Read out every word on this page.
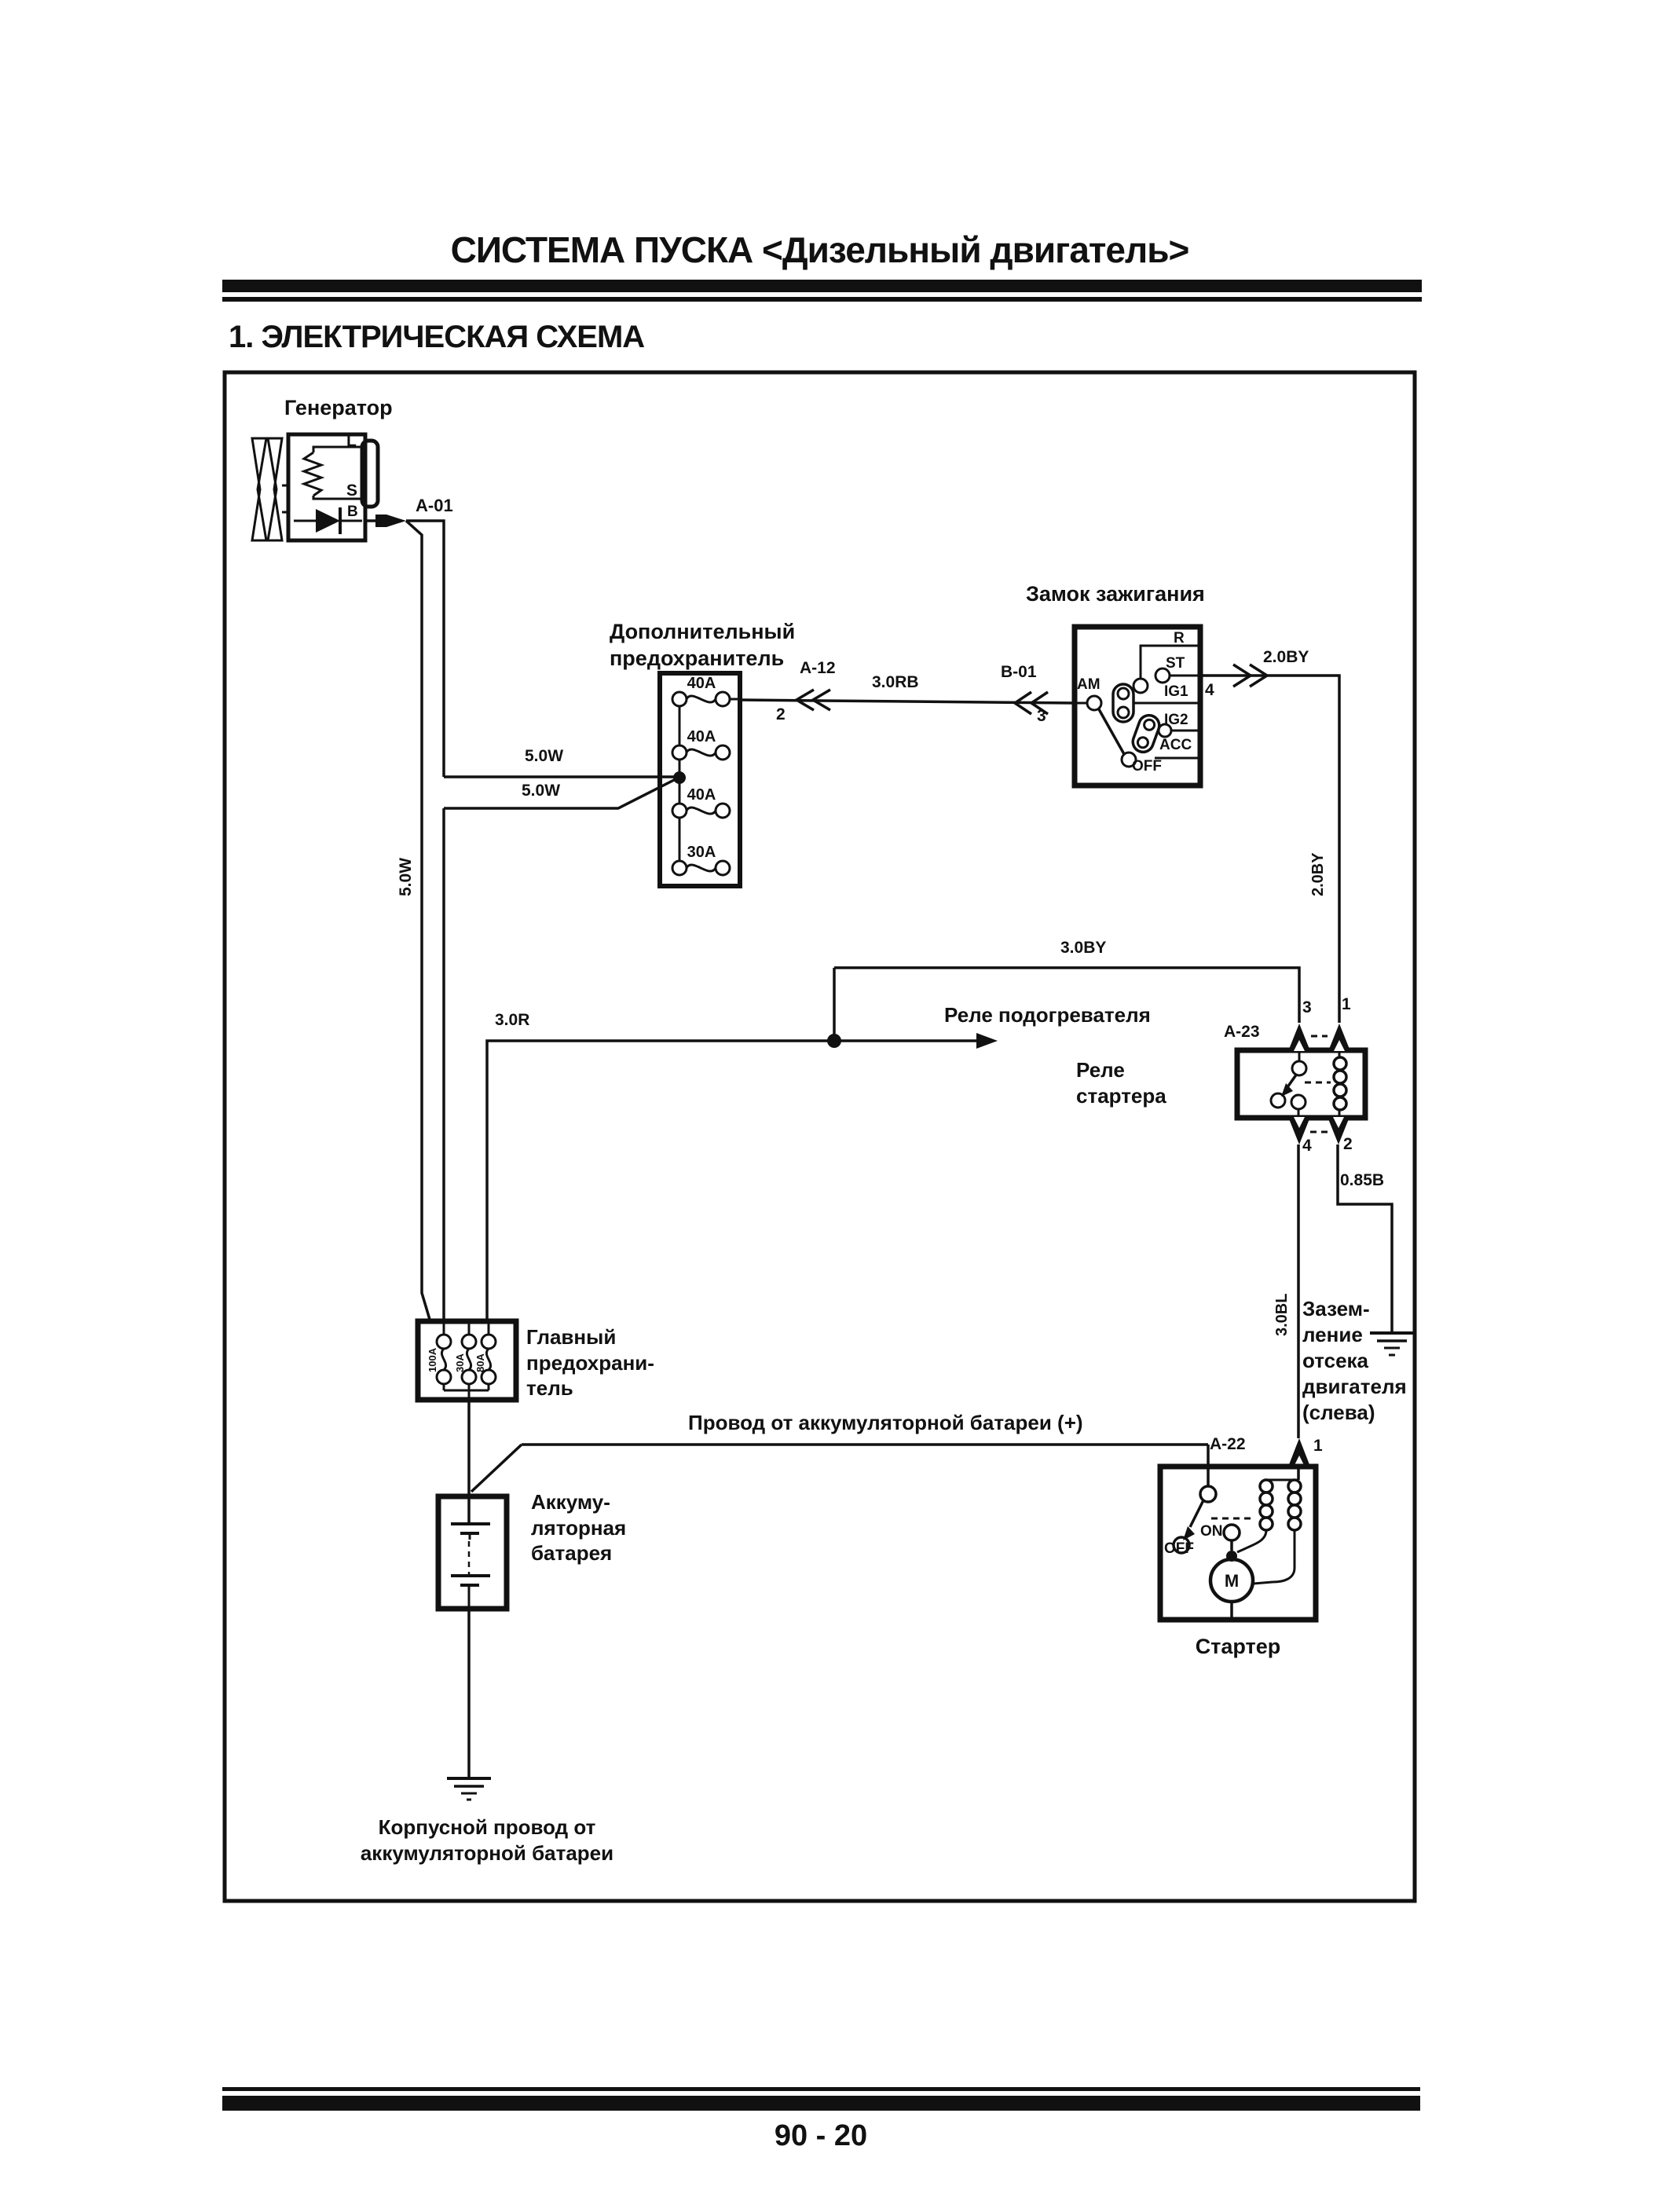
СИСТЕМА ПУСКА <Дизельный двигатель>
1. ЭЛЕКТРИЧЕСКАЯ СХЕМА
Генератор
L
S
B	A-01
5.0W
5.0W
5.0W
Дополнительный
предохранитель
40A
40A
40A
30A
A-12
2
3.0RB
B-01
3
Замок зажигания
R
ST
IG1
IG2
ACC
OFF
AM	4
2.0BY
2.0BY
3.0BY
3.0R	Реле подогревателя
Реле
стартера
A-23
3 1
4 2
0.85B
3.0BL Зазем-
ление
отсека
двигателя
(слева)
Главный
предохрани-
тель
100A 30A 80A
Провод от аккумуляторной батареи (+)
Аккуму-
ляторная
батарея
A-22	1
OFF
ON
M
Стартер
Корпусной провод от
аккумуляторной батареи
90 - 20
